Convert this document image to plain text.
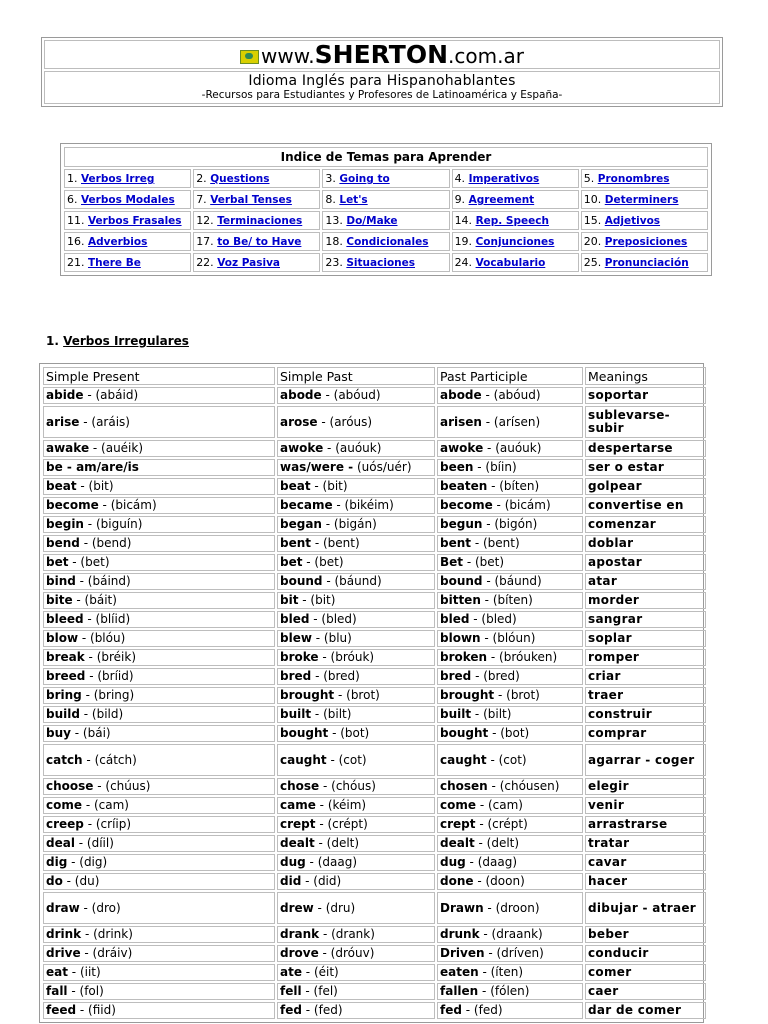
www.SHERTON.com.ar
Idioma Inglés para Hispanohablantes
-Recursos para Estudiantes y Profesores de Latinoamérica y España-
Indice de Temas para Aprender				
1. Verbos Irreg	2. Questions	3. Going to	4. Imperativos	5. Pronombres
6. Verbos Modales	7. Verbal Tenses	8. Let's	9. Agreement	10. Determiners
11. Verbos Frasales	12. Terminaciones	13. Do/Make	14. Rep. Speech	15. Adjetivos
16. Adverbios	17. to Be/ to Have	18. Condicionales	19. Conjunciones	20. Preposiciones
21. There Be	22. Voz Pasiva	23. Situaciones	24. Vocabulario	25. Pronunciación
1. Verbos Irregulares
Simple Present	Simple Past	Past Participle	Meanings
abide - (abáid)	abode - (abóud)	abode - (abóud)	soportar
arise - (aráis)	arose - (aróus)	arisen - (arísen)	sublevarse-subir
awake - (auéik)	awoke - (auóuk)	awoke - (auóuk)	despertarse
be - am/are/is	was/were - (uós/uér)	been - (bíin)	ser o estar
beat - (bit)	beat - (bit)	beaten - (bíten)	golpear
become - (bicám)	became - (bikéim)	become - (bicám)	convertise en
begin - (biguín)	began - (bigán)	begun - (bigón)	comenzar
bend - (bend)	bent - (bent)	bent - (bent)	doblar
bet - (bet)	bet - (bet)	Bet - (bet)	apostar
bind - (báind)	bound - (báund)	bound - (báund)	atar
bite - (báit)	bit - (bit)	bitten - (bíten)	morder
bleed - (blíid)	bled - (bled)	bled - (bled)	sangrar
blow - (blóu)	blew - (blu)	blown - (blóun)	soplar
break - (bréik)	broke - (bróuk)	broken - (bróuken)	romper
breed - (bríid)	bred - (bred)	bred - (bred)	criar
bring - (bring)	brought - (brot)	brought - (brot)	traer
build - (bild)	built - (bilt)	built - (bilt)	construir
buy - (bái)	bought - (bot)	bought - (bot)	comprar
catch - (cátch)	caught - (cot)	caught - (cot)	agarrar - coger
choose - (chúus)	chose - (chóus)	chosen - (chóusen)	elegir
come - (cam)	came - (kéim)	come - (cam)	venir
creep - (críip)	crept - (crépt)	crept - (crépt)	arrastrarse
deal - (díil)	dealt - (delt)	dealt - (delt)	tratar
dig - (dig)	dug - (daag)	dug - (daag)	cavar
do - (du)	did - (did)	done - (doon)	hacer
draw - (dro)	drew - (dru)	Drawn - (droon)	dibujar - atraer
drink - (drink)	drank - (drank)	drunk - (draank)	beber
drive - (dráiv)	drove - (dróuv)	Driven - (dríven)	conducir
eat - (iit)	ate - (éit)	eaten - (íten)	comer
fall - (fol)	fell - (fel)	fallen - (fólen)	caer
feed - (fiid)	fed - (fed)	fed - (fed)	dar de comer
